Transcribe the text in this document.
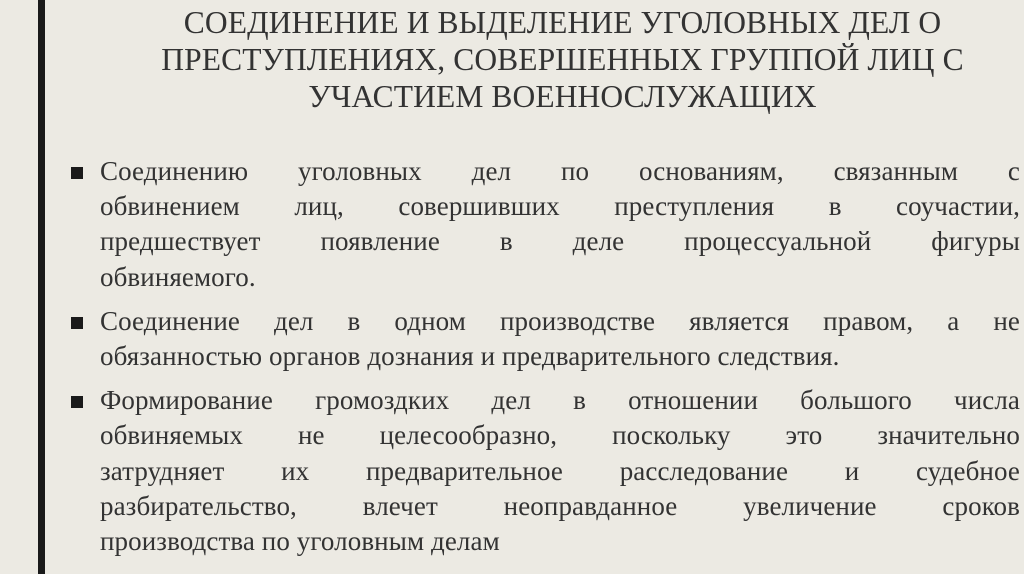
СОЕДИНЕНИЕ И ВЫДЕЛЕНИЕ УГОЛОВНЫХ ДЕЛ О
ПРЕСТУПЛЕНИЯХ, СОВЕРШЕННЫХ ГРУППОЙ ЛИЦ С
УЧАСТИЕМ ВОЕННОСЛУЖАЩИХ
Соединению уголовных дел по основаниям, связанным с
обвинением лиц, совершивших преступления в соучастии,
предшествует появление в деле процессуальной фигуры
обвиняемого.
Соединение дел в одном производстве является правом, а не
обязанностью органов дознания и предварительного следствия.
Формирование громоздких дел в отношении большого числа
обвиняемых не целесообразно, поскольку это значительно
затрудняет их предварительное расследование и судебное
разбирательство, влечет неоправданное увеличение сроков
производства по уголовным делам
